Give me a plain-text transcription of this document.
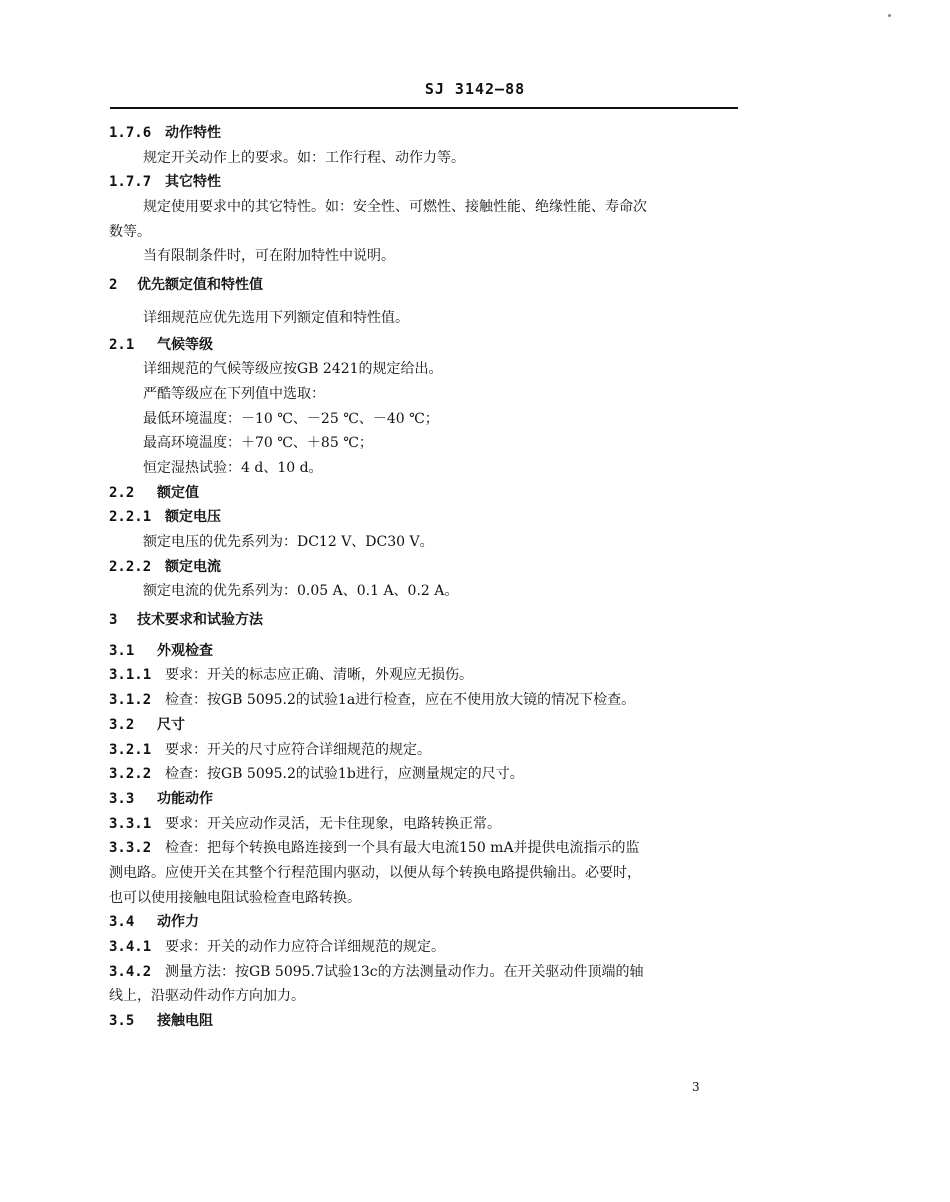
SJ 3142—88
1.7.6 动作特性
规定开关动作上的要求。如：工作行程、动作力等。
1.7.7 其它特性
规定使用要求中的其它特性。如：安全性、可燃性、接触性能、绝缘性能、寿命次
数等。
当有限制条件时，可在附加特性中说明。
2 优先额定值和特性值
详细规范应优先选用下列额定值和特性值。
2.1 气候等级
详细规范的气候等级应按GB 2421的规定给出。
严酷等级应在下列值中选取：
最低环境温度：－10 ℃、－25 ℃、－40 ℃；
最高环境温度：＋70 ℃、＋85 ℃；
恒定湿热试验：4 d、10 d。
2.2 额定值
2.2.1 额定电压
额定电压的优先系列为：DC12 V、DC30 V。
2.2.2 额定电流
额定电流的优先系列为：0.05 A、0.1 A、0.2 A。
3 技术要求和试验方法
3.1 外观检查
3.1.1 要求：开关的标志应正确、清晰，外观应无损伤。
3.1.2 检查：按GB 5095.2的试验1a进行检查，应在不使用放大镜的情况下检查。
3.2 尺寸
3.2.1 要求：开关的尺寸应符合详细规范的规定。
3.2.2 检查：按GB 5095.2的试验1b进行，应测量规定的尺寸。
3.3 功能动作
3.3.1 要求：开关应动作灵活，无卡住现象，电路转换正常。
3.3.2 检查：把每个转换电路连接到一个具有最大电流150 mA并提供电流指示的监
测电路。应使开关在其整个行程范围内驱动，以便从每个转换电路提供输出。必要时，
也可以使用接触电阻试验检查电路转换。
3.4 动作力
3.4.1 要求：开关的动作力应符合详细规范的规定。
3.4.2 测量方法：按GB 5095.7试验13c的方法测量动作力。在开关驱动件顶端的轴
线上，沿驱动件动作方向加力。
3.5 接触电阻
3
